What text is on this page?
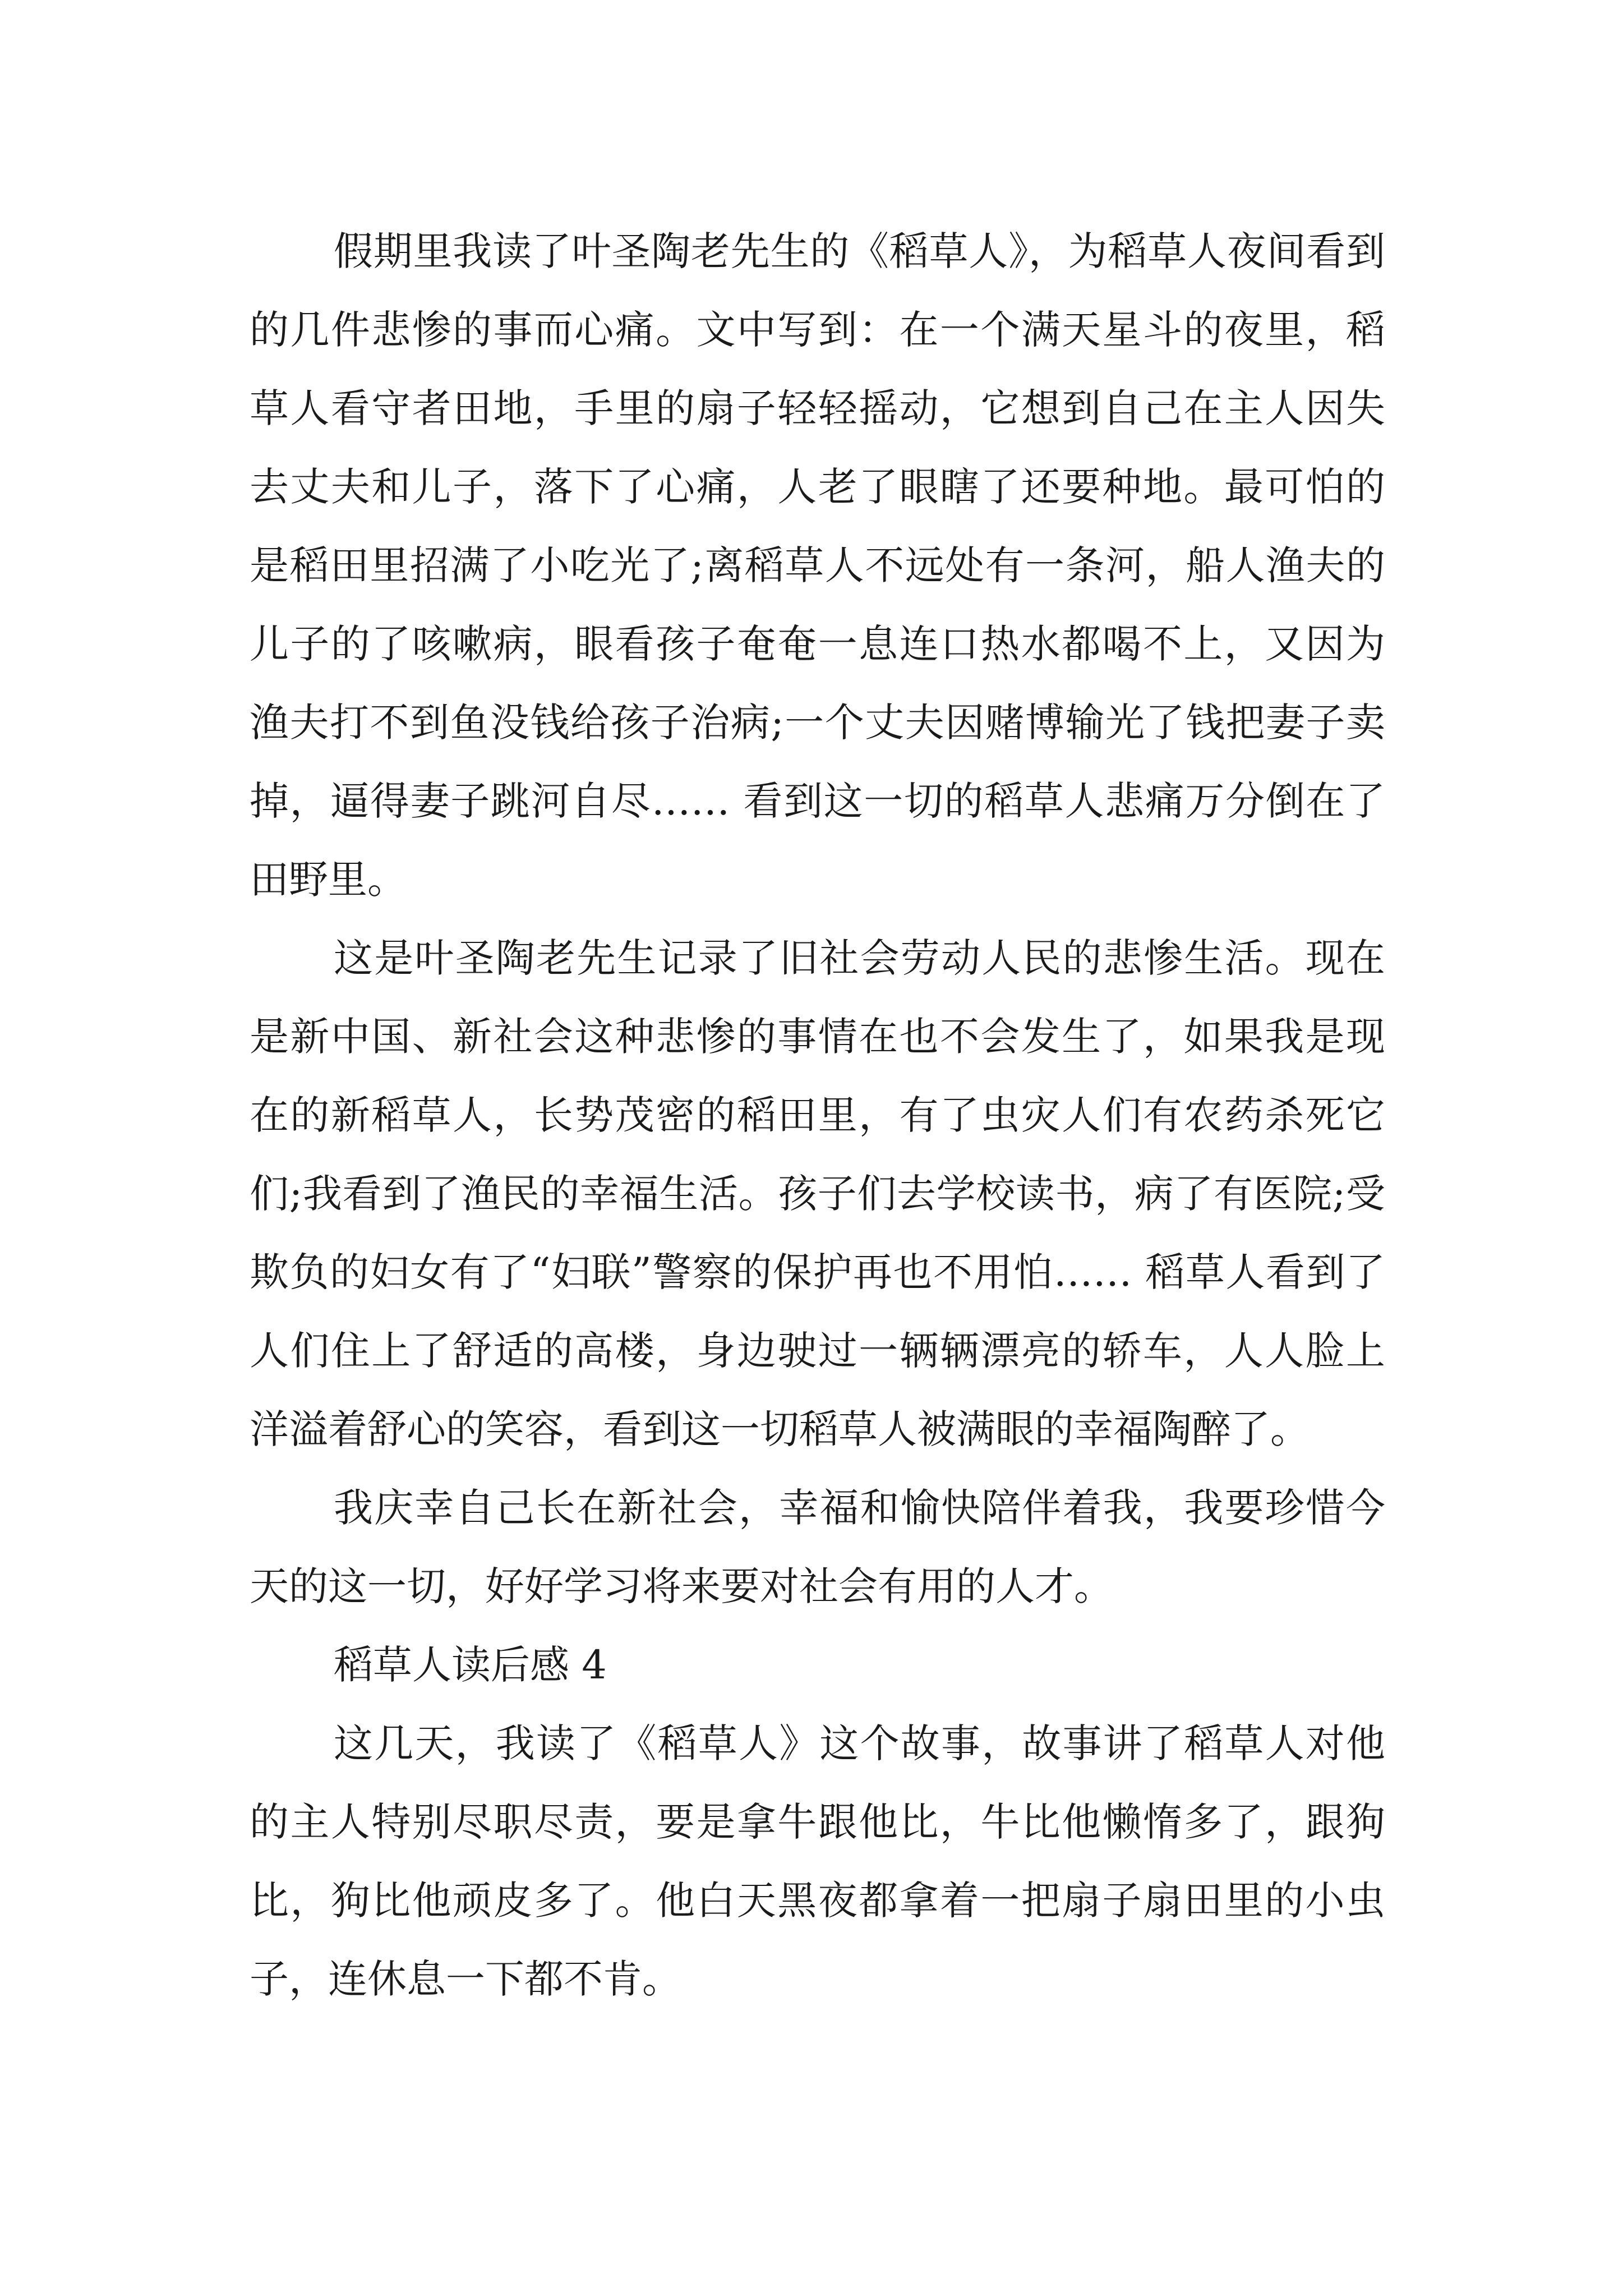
假期里我读了叶圣陶老先生的《稻草人》，为稻草人夜间看到的几件悲惨的事而心痛。文中写到：在一个满天星斗的夜里，稻草人看守者田地，手里的扇子轻轻摇动，它想到自己在主人因失去丈夫和儿子，落下了心痛，人老了眼瞎了还要种地。最可怕的是稻田里招满了小吃光了;离稻草人不远处有一条河，船人渔夫的儿子的了咳嗽病，眼看孩子奄奄一息连口热水都喝不上，又因为渔夫打不到鱼没钱给孩子治病;一个丈夫因赌博输光了钱把妻子卖掉，逼得妻子跳河自尽…… 看到这一切的稻草人悲痛万分倒在了田野里。

这是叶圣陶老先生记录了旧社会劳动人民的悲惨生活。现在是新中国、新社会这种悲惨的事情在也不会发生了，如果我是现在的新稻草人，长势茂密的稻田里，有了虫灾人们有农药杀死它们;我看到了渔民的幸福生活。孩子们去学校读书，病了有医院;受欺负的妇女有了“妇联”警察的保护再也不用怕…… 稻草人看到了人们住上了舒适的高楼，身边驶过一辆辆漂亮的轿车，人人脸上洋溢着舒心的笑容，看到这一切稻草人被满眼的幸福陶醉了。

我庆幸自己长在新社会，幸福和愉快陪伴着我，我要珍惜今天的这一切，好好学习将来要对社会有用的人才。

稻草人读后感 4

这几天，我读了《稻草人》这个故事，故事讲了稻草人对他的主人特别尽职尽责，要是拿牛跟他比，牛比他懒惰多了，跟狗比，狗比他顽皮多了。他白天黑夜都拿着一把扇子扇田里的小虫子，连休息一下都不肯。
